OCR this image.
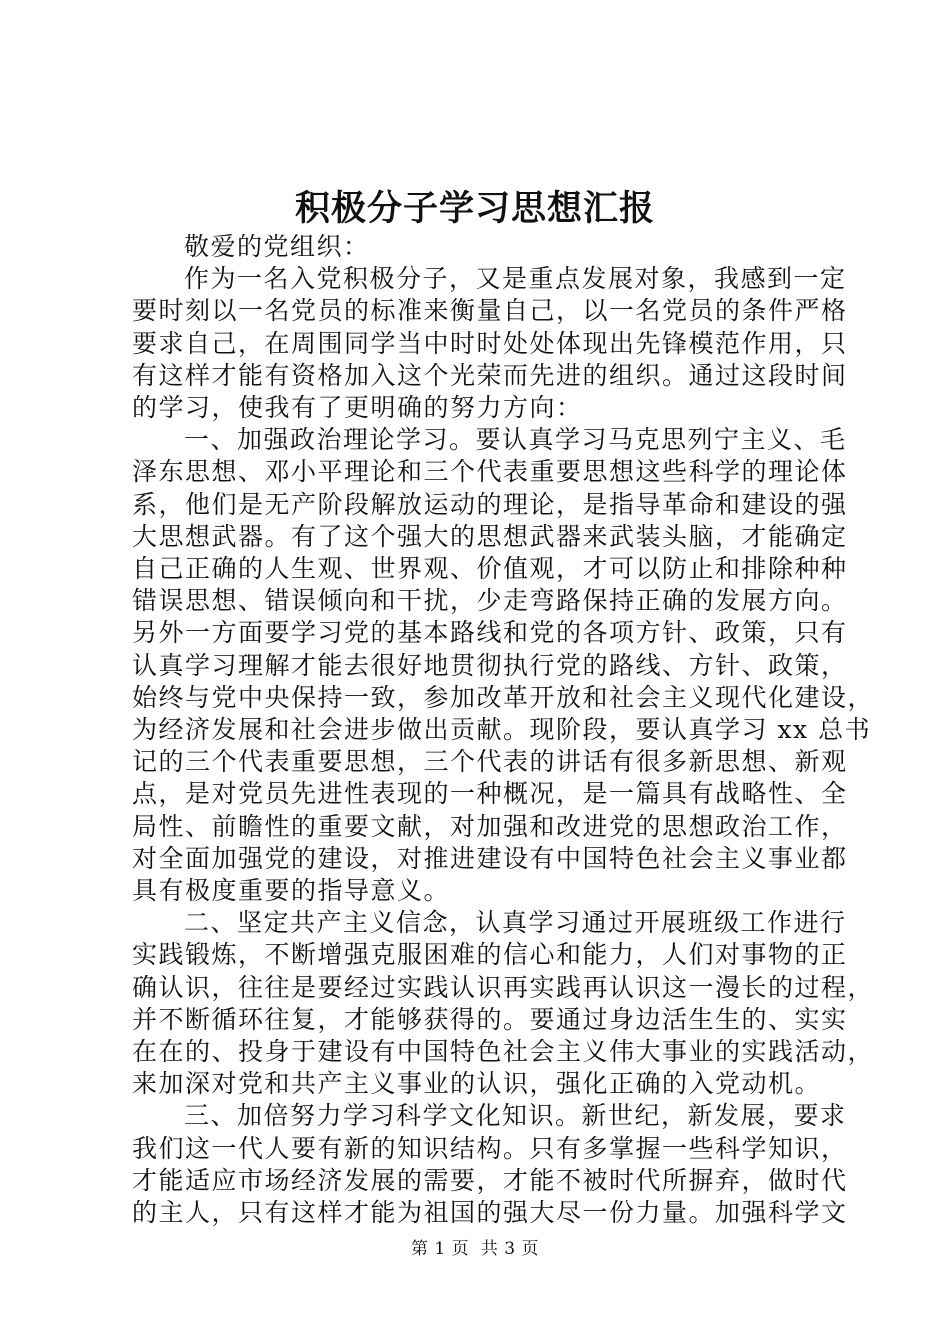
积极分子学习思想汇报

敬爱的党组织：

作为一名入党积极分子，又是重点发展对象，我感到一定
要时刻以一名党员的标准来衡量自己，以一名党员的条件严格
要求自己，在周围同学当中时时处处体现出先锋模范作用，只
有这样才能有资格加入这个光荣而先进的组织。通过这段时间
的学习，使我有了更明确的努力方向：

一、加强政治理论学习。要认真学习马克思列宁主义、毛
泽东思想、邓小平理论和三个代表重要思想这些科学的理论体
系，他们是无产阶段解放运动的理论，是指导革命和建设的强
大思想武器。有了这个强大的思想武器来武装头脑，才能确定
自己正确的人生观、世界观、价值观，才可以防止和排除种种
错误思想、错误倾向和干扰，少走弯路保持正确的发展方向。
另外一方面要学习党的基本路线和党的各项方针、政策，只有
认真学习理解才能去很好地贯彻执行党的路线、方针、政策，
始终与党中央保持一致，参加改革开放和社会主义现代化建设，
为经济发展和社会进步做出贡献。现阶段，要认真学习 xx 总书
记的三个代表重要思想，三个代表的讲话有很多新思想、新观
点，是对党员先进性表现的一种概况，是一篇具有战略性、全
局性、前瞻性的重要文献，对加强和改进党的思想政治工作，
对全面加强党的建设，对推进建设有中国特色社会主义事业都
具有极度重要的指导意义。

二、坚定共产主义信念，认真学习通过开展班级工作进行
实践锻炼，不断增强克服困难的信心和能力，人们对事物的正
确认识，往往是要经过实践认识再实践再认识这一漫长的过程，
并不断循环往复，才能够获得的。要通过身边活生生的、实实
在在的、投身于建设有中国特色社会主义伟大事业的实践活动，
来加深对党和共产主义事业的认识，强化正确的入党动机。

三、加倍努力学习科学文化知识。新世纪，新发展，要求
我们这一代人要有新的知识结构。只有多掌握一些科学知识，
才能适应市场经济发展的需要，才能不被时代所摒弃，做时代
的主人，只有这样才能为祖国的强大尽一份力量。加强科学文

第 1 页  共 3 页
